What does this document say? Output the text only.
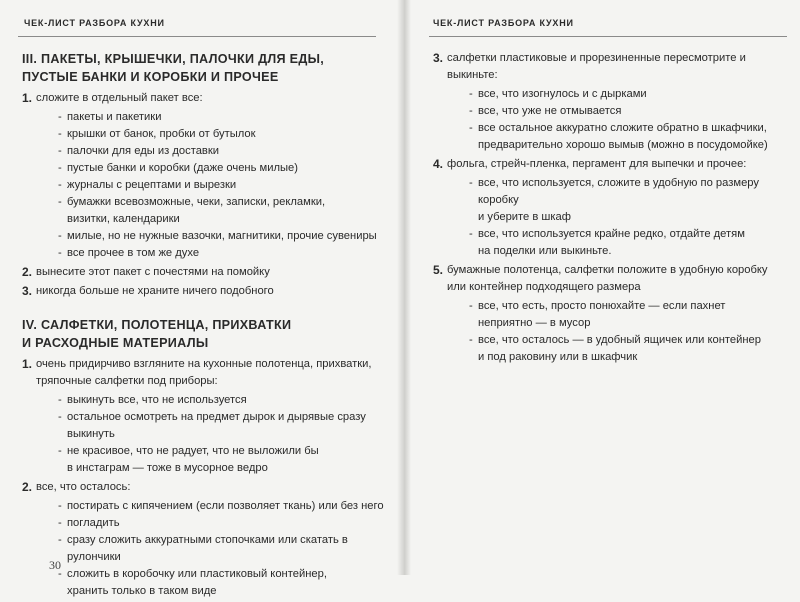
ЧЕК-ЛИСТ РАЗБОРА КУХНИ
III. ПАКЕТЫ, КРЫШЕЧКИ, ПАЛОЧКИ ДЛЯ ЕДЫ,
ПУСТЫЕ БАНКИ И КОРОБКИ И ПРОЧЕЕ
1. сложите в отдельный пакет все:
- пакеты и пакетики
- крышки от банок, пробки от бутылок
- палочки для еды из доставки
- пустые банки и коробки (даже очень милые)
- журналы с рецептами и вырезки
- бумажки всевозможные, чеки, записки, рекламки,
визитки, календарики
- милые, но не нужные вазочки, магнитики, прочие сувениры
- все прочее в том же духе
2. вынесите этот пакет с почестями на помойку
3. никогда больше не храните ничего подобного
IV. САЛФЕТКИ, ПОЛОТЕНЦА, ПРИХВАТКИ
И РАСХОДНЫЕ МАТЕРИАЛЫ
1. очень придирчиво взгляните на кухонные полотенца, прихватки,
тряпочные салфетки под приборы:
- выкинуть все, что не используется
- остальное осмотреть на предмет дырок и дырявые сразу выкинуть
- не красивое, что не радует, что не выложили бы
в инстаграм — тоже в мусорное ведро
2. все, что осталось:
- постирать с кипячением (если позволяет ткань) или без него
- погладить
- сразу сложить аккуратными стопочками или скатать в рулончики
- сложить в коробочку или пластиковый контейнер,
хранить только в таком виде
30
ЧЕК-ЛИСТ РАЗБОРА КУХНИ
3. салфетки пластиковые и прорезиненные пересмотрите и выкиньте:
- все, что изогнулось и с дырками
- все, что уже не отмывается
- все остальное аккуратно сложите обратно в шкафчики,
предварительно хорошо вымыв (можно в посудомойке)
4. фольга, стрейч-пленка, пергамент для выпечки и прочее:
- все, что используется, сложите в удобную по размеру коробку
и уберите в шкаф
- все, что используется крайне редко, отдайте детям
на поделки или выкиньте.
5. бумажные полотенца, салфетки положите в удобную коробку
или контейнер подходящего размера
- все, что есть, просто понюхайте — если пахнет
неприятно — в мусор
- все, что осталось — в удобный ящичек или контейнер
и под раковину или в шкафчик
